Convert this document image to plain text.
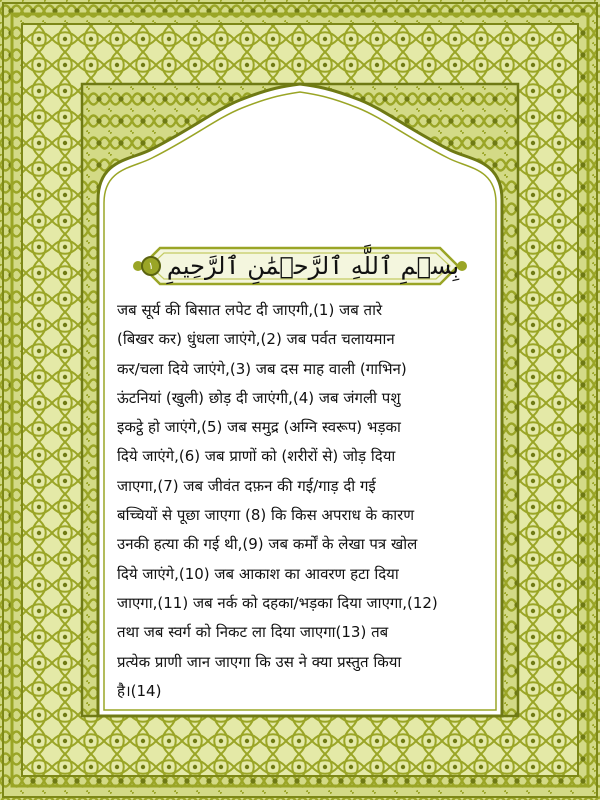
بِسۡمِ ٱللَّهِ ٱلرَّحۡمَٰنِ ٱلرَّحِيمِ
١
जब सूर्य की बिसात लपेट दी जाएगी,(1) जब तारे
(बिखर कर) धुंधला जाएंगे,(2) जब पर्वत चलायमान
कर/चला दिये जाएंगे,(3) जब दस माह वाली (गाभिन)
ऊंटनियां (खुली) छोड़ दी जाएंगी,(4) जब जंगली पशु
इकट्ठे हो जाएंगे,(5) जब समुद्र (अग्नि स्वरूप) भड़का
दिये जाएंगे,(6) जब प्राणों को (शरीरों से) जोड़ दिया
जाएगा,(7) जब जीवंत दफ़न की गई/गाड़ दी गई
बच्चियों से पूछा जाएगा (8) कि किस अपराध के कारण
उनकी हत्या की गई थी,(9) जब कर्मों के लेखा पत्र खोल
दिये जाएंगे,(10) जब आकाश का आवरण हटा दिया
जाएगा,(11) जब नर्क को दहका/भड़का दिया जाएगा,(12)
तथा जब स्वर्ग को निकट ला दिया जाएगा(13) तब
प्रत्येक प्राणी जान जाएगा कि उस ने क्या प्रस्तुत किया
है।(14)
